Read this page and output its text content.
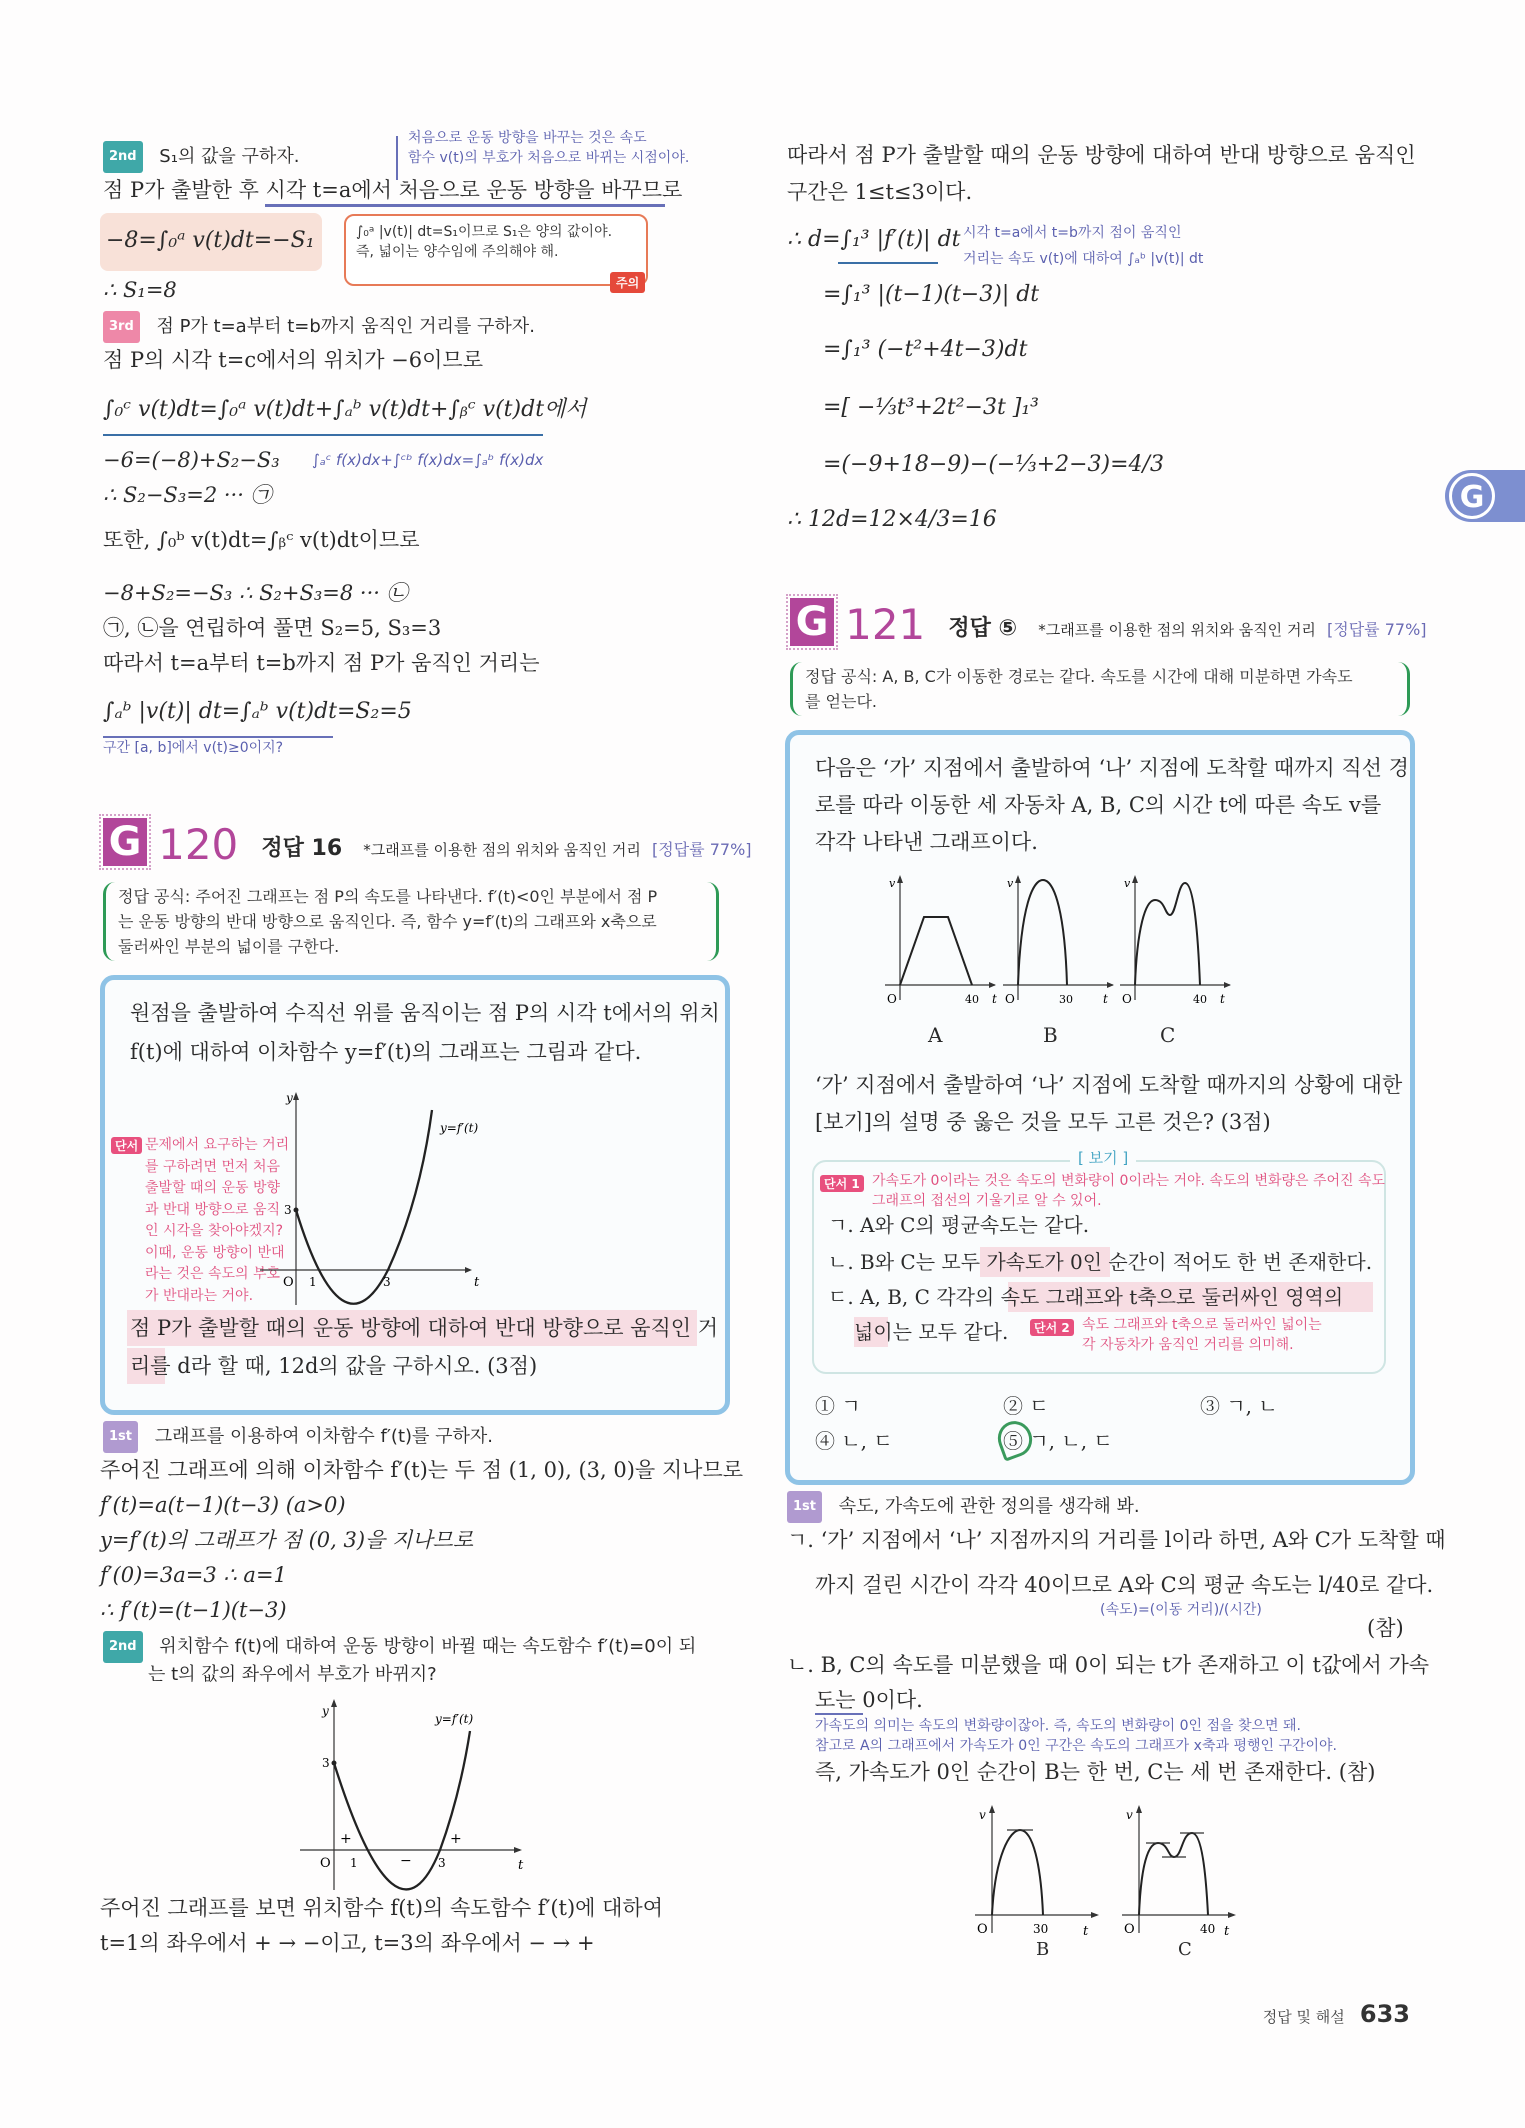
2nd S₁의 값을 구하자.
처음으로 운동 방향을 바꾸는 것은 속도
함수 v(t)의 부호가 처음으로 바뀌는 시점이야.
점 P가 출발한 후 시각 t=a에서 처음으로 운동 방향을 바꾸므로
−8=∫₀ᵃ v(t)dt=−S₁	∫₀ᵃ |v(t)| dt=S₁이므로 S₁은 양의 값이야.
즉, 넓이는 양수임에 주의해야 해.
주의
∴ S₁=8
3rd 점 P가 t=a부터 t=b까지 움직인 거리를 구하자.
점 P의 시각 t=c에서의 위치가 −6이므로
∫₀ᶜ v(t)dt=∫₀ᵃ v(t)dt+∫ₐᵇ v(t)dt+∫ᵦᶜ v(t)dt에서
−6=(−8)+S₂−S₃ ∫ₐᶜ f(x)dx+∫ᶜᵇ f(x)dx=∫ₐᵇ f(x)dx
∴ S₂−S₃=2 ··· ㉠
또한, ∫₀ᵇ v(t)dt=∫ᵦᶜ v(t)dt이므로
−8+S₂=−S₃ ∴ S₂+S₃=8 ··· ㉡
㉠, ㉡을 연립하여 풀면 S₂=5, S₃=3
따라서 t=a부터 t=b까지 점 P가 움직인 거리는
∫ₐᵇ |v(t)| dt=∫ₐᵇ v(t)dt=S₂=5
구간 [a, b]에서 v(t)≥0이지?
G 120 정답 16 *그래프를 이용한 점의 위치와 움직인 거리 [정답률 77%]
정답 공식: 주어진 그래프는 점 P의 속도를 나타낸다. f′(t)<0인 부분에서 점 P
는 운동 방향의 반대 방향으로 움직인다. 즉, 함수 y=f′(t)의 그래프와 x축으로
둘러싸인 부분의 넓이를 구한다.
원점을 출발하여 수직선 위를 움직이는 점 P의 시각 t에서의 위치
f(t)에 대하여 이차함수 y=f′(t)의 그래프는 그림과 같다.
단서 문제에서 요구하는 거리
를 구하려면 먼저 처음
출발할 때의 운동 방향
과 반대 방향으로 움직
인 시각을 찾아야겠지?
이때, 운동 방향이 반대
라는 것은 속도의 부호
가 반대라는 거야.
y
t
O 1	3
3
y=f′(t)
점 P가 출발할 때의 운동 방향에 대하여 반대 방향으로 움직인 거
리를 d라 할 때, 12d의 값을 구하시오. (3점)
1st 그래프를 이용하여 이차함수 f′(t)를 구하자.
주어진 그래프에 의해 이차함수 f′(t)는 두 점 (1, 0), (3, 0)을 지나므로
f′(t)=a(t−1)(t−3) (a>0)
y=f′(t)의 그래프가 점 (0, 3)을 지나므로
f′(0)=3a=3 ∴ a=1
∴ f′(t)=(t−1)(t−3)
2nd 위치함수 f(t)에 대하여 운동 방향이 바뀔 때는 속도함수 f′(t)=0이 되
는 t의 값의 좌우에서 부호가 바뀌지?
y
t
O 1	3
3
y=f′(t)
+
−
+
주어진 그래프를 보면 위치함수 f(t)의 속도함수 f′(t)에 대하여
t=1의 좌우에서 + → −이고, t=3의 좌우에서 − → +
따라서 점 P가 출발할 때의 운동 방향에 대하여 반대 방향으로 움직인
구간은 1≤t≤3이다.
∴ d=∫₁³ |f′(t)| dt 시각 t=a에서 t=b까지 점이 움직인
거리는 속도 v(t)에 대하여 ∫ₐᵇ |v(t)| dt
=∫₁³ |(t−1)(t−3)| dt
=∫₁³ (−t²+4t−3)dt
=[ −⅓t³+2t²−3t ]₁³
=(−9+18−9)−(−⅓+2−3)=4/3
∴ 12d=12×4/3=16
G 121 정답 ⑤ *그래프를 이용한 점의 위치와 움직인 거리 [정답률 77%]
정답 공식: A, B, C가 이동한 경로는 같다. 속도를 시간에 대해 미분하면 가속도
를 얻는다.
다음은 ‘가’ 지점에서 출발하여 ‘나’ 지점에 도착할 때까지 직선 경
로를 따라 이동한 세 자동차 A, B, C의 시간 t에 따른 속도 v를
각각 나타낸 그래프이다.
v
O	40 t
A
v
O	30	t
B
v
O	40 t
C
‘가’ 지점에서 출발하여 ‘나’ 지점에 도착할 때까지의 상황에 대한
[보기]의 설명 중 옳은 것을 모두 고른 것은? (3점)
[ 보기 ]
단서 1 가속도가 0이라는 것은 속도의 변화량이 0이라는 거야. 속도의 변화량은 주어진 속도
그래프의 접선의 기울기로 알 수 있어.
ㄱ. A와 C의 평균속도는 같다.
ㄴ. B와 C는 모두 가속도가 0인 순간이 적어도 한 번 존재한다.
ㄷ. A, B, C 각각의 속도 그래프와 t축으로 둘러싸인 영역의
넓이는 모두 같다.	단서 2 속도 그래프와 t축으로 둘러싸인 넓이는
각 자동차가 움직인 거리를 의미해.
① ㄱ	② ㄷ	③ ㄱ, ㄴ
④ ㄴ, ㄷ	⑤ ㄱ, ㄴ, ㄷ
1st 속도, 가속도에 관한 정의를 생각해 봐.
ㄱ. ‘가’ 지점에서 ‘나’ 지점까지의 거리를 l이라 하면, A와 C가 도착할 때
까지 걸린 시간이 각각 40이므로 A와 C의 평균 속도는 l/40로 같다.
(속도)=(이동 거리)/(시간)
(참)
ㄴ. B, C의 속도를 미분했을 때 0이 되는 t가 존재하고 이 t값에서 가속
도는 0이다.
가속도의 의미는 속도의 변화량이잖아. 즉, 속도의 변화량이 0인 점을 찾으면 돼.
참고로 A의 그래프에서 가속도가 0인 구간은 속도의 그래프가 x축과 평행인 구간이야.
즉, 가속도가 0인 순간이 B는 한 번, C는 세 번 존재한다. (참)
v
O	30	t
B
v
O	40 t
C
G
정답 및 해설 633
